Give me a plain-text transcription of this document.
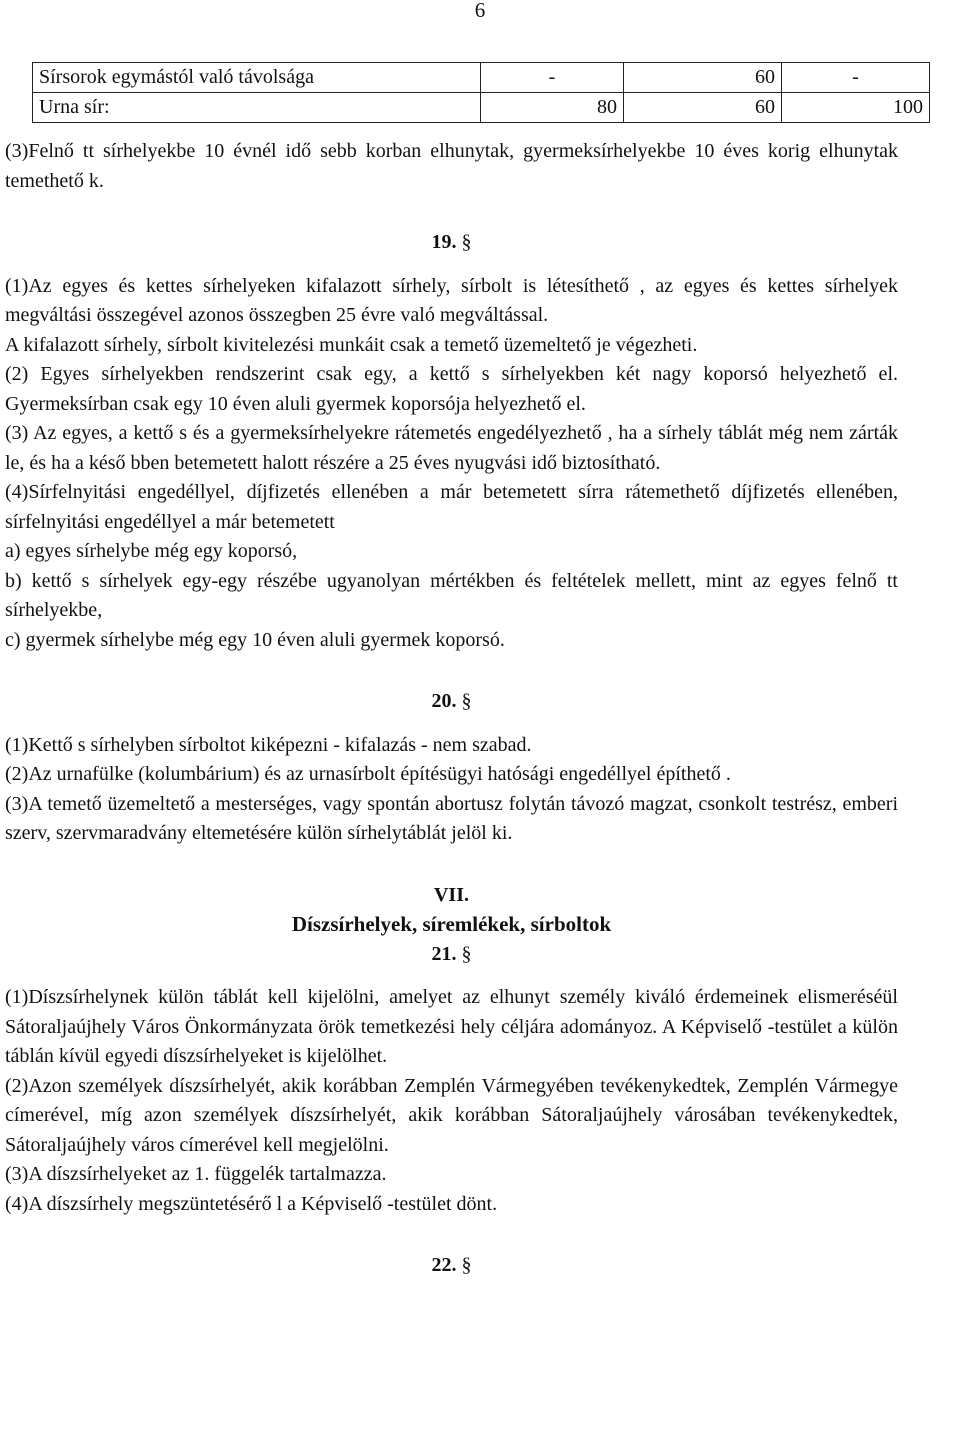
6
Sírsorok egymástól való távolsága	-	60	-
Urna sír:	80	60	100

(3)Felnő tt sírhelyekbe 10 évnél idő sebb korban elhunytak, gyermeksírhelyekbe 10 éves korig elhunytak temethető k.

19. §

(1)Az egyes és kettes sírhelyeken kifalazott sírhely, sírbolt is létesíthető , az egyes és kettes sírhelyek megváltási összegével azonos összegben 25 évre való megváltással.

A kifalazott sírhely, sírbolt kivitelezési munkáit csak a temető üzemeltető je végezheti.

(2) Egyes sírhelyekben rendszerint csak egy, a kettő s sírhelyekben két nagy koporsó helyezhető el. Gyermeksírban csak egy 10 éven aluli gyermek koporsója helyezhető el.

(3) Az egyes, a kettő s és a gyermeksírhelyekre rátemetés engedélyezhető , ha a sírhely táblát még nem zárták le, és ha a késő bben betemetett halott részére a 25 éves nyugvási idő biztosítható.

(4)Sírfelnyitási engedéllyel, díjfizetés ellenében a már betemetett sírra rátemethető díjfizetés ellenében, sírfelnyitási engedéllyel a már betemetett

a) egyes sírhelybe még egy koporsó,

b) kettő s sírhelyek egy-egy részébe ugyanolyan mértékben és feltételek mellett, mint az egyes felnő tt sírhelyekbe,

c) gyermek sírhelybe még egy 10 éven aluli gyermek koporsó.

20. §

(1)Kettő s sírhelyben sírboltot kiképezni - kifalazás - nem szabad.

(2)Az urnafülke (kolumbárium) és az urnasírbolt építésügyi hatósági engedéllyel építhető .

(3)A temető üzemeltető a mesterséges, vagy spontán abortusz folytán távozó magzat, csonkolt testrész, emberi szerv, szervmaradvány eltemetésére külön sírhelytáblát jelöl ki.

VII.
Díszsírhelyek, síremlékek, sírboltok
21. §

(1)Díszsírhelynek külön táblát kell kijelölni, amelyet az elhunyt személy kiváló érdemeinek elismeréséül Sátoraljaújhely Város Önkormányzata örök temetkezési hely céljára adományoz. A Képviselő -testület a külön táblán kívül egyedi díszsírhelyeket is kijelölhet.

(2)Azon személyek díszsírhelyét, akik korábban Zemplén Vármegyében tevékenykedtek, Zemplén Vármegye címerével, míg azon személyek díszsírhelyét, akik korábban Sátoraljaújhely városában tevékenykedtek, Sátoraljaújhely város címerével kell megjelölni.

(3)A díszsírhelyeket az 1. függelék tartalmazza.

(4)A díszsírhely megszüntetésérő l a Képviselő -testület dönt.

22. §
